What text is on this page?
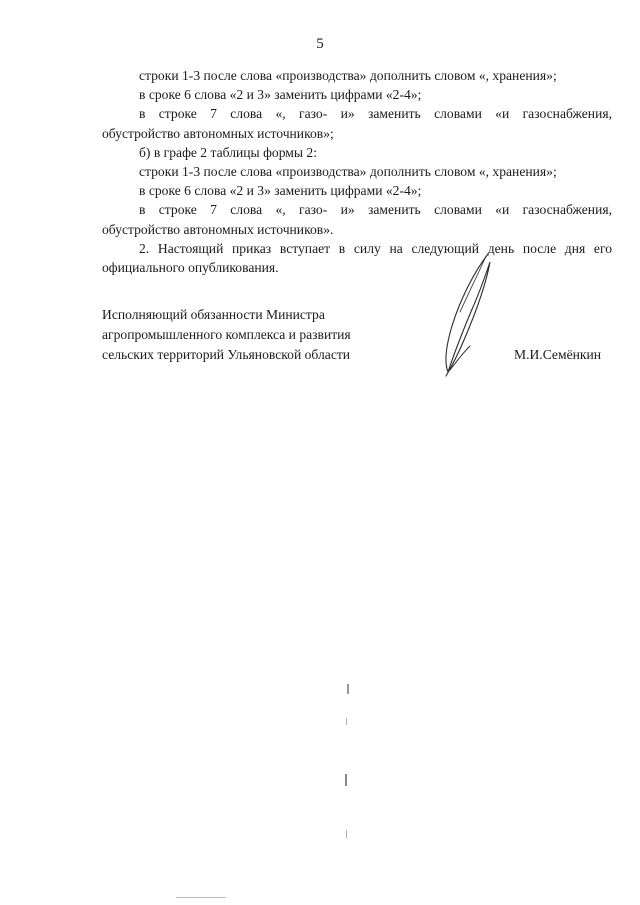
5
строки 1-3 после слова «производства» дополнить словом «, хранения»;
в сроке 6 слова «2 и 3» заменить цифрами «2-4»;
в строке 7 слова «, газо- и» заменить словами «и газоснабжения,
обустройство автономных источников»;
б) в графе 2 таблицы формы 2:
строки 1-3 после слова «производства» дополнить словом «, хранения»;
в сроке 6 слова «2 и 3» заменить цифрами «2-4»;
в строке 7 слова «, газо- и» заменить словами «и газоснабжения,
обустройство автономных источников».
2. Настоящий приказ вступает в силу на следующий день после дня его
официального опубликования.
Исполняющий обязанности Министра
агропромышленного комплекса и развития
сельских территорий Ульяновской области	М.И.Семёнкин
